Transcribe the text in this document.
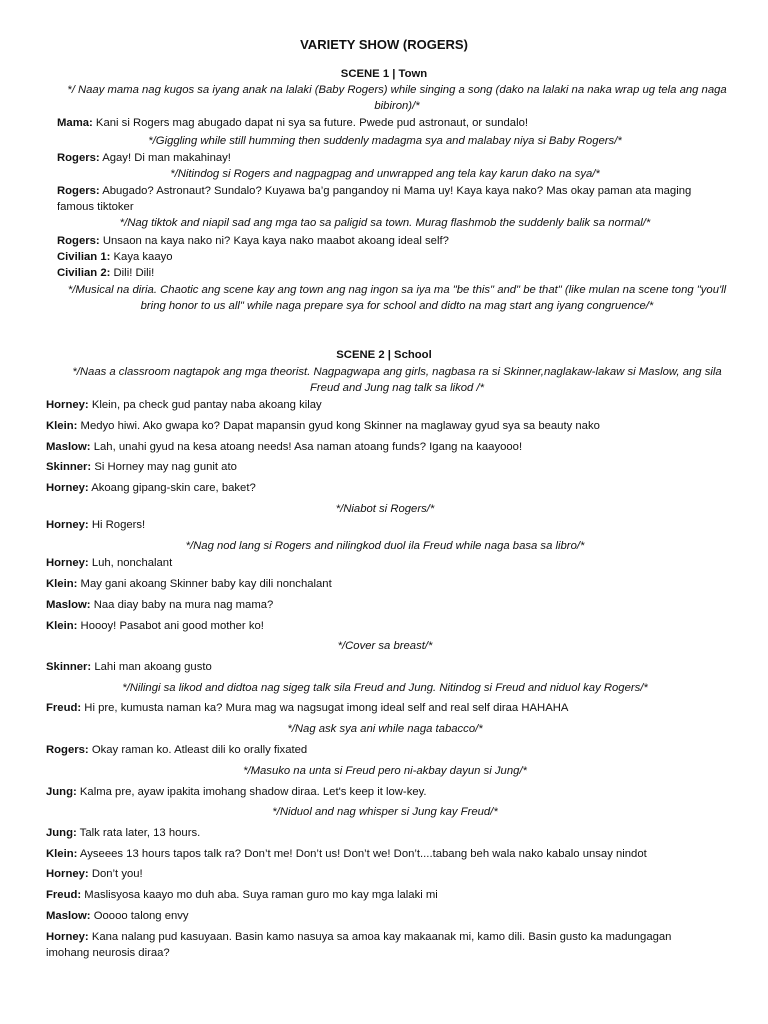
VARIETY SHOW (ROGERS)
SCENE 1 | Town
*/ Naay mama nag kugos sa iyang anak na lalaki (Baby Rogers) while singing a song (dako na lalaki na naka wrap ug tela ang naga bibiron)/*
Mama: Kani si Rogers mag abugado dapat ni sya sa future. Pwede pud astronaut, or sundalo!
*/Giggling while still humming then suddenly madagma sya and malabay niya si Baby Rogers/*
Rogers: Agay! Di man makahinay!
*/Nitindog si Rogers and nagpagpag and unwrapped ang tela kay karun dako na sya/*
Rogers: Abugado? Astronaut? Sundalo? Kuyawa ba’g pangandoy ni Mama uy! Kaya kaya nako? Mas okay paman ata maging famous tiktoker
*/Nag tiktok and niapil sad ang mga tao sa paligid sa town. Murag flashmob the suddenly balik sa normal/*
Rogers: Unsaon na kaya nako ni? Kaya kaya nako maabot akoang ideal self?
Civilian 1: Kaya kaayo
Civilian 2: Dili! Dili!
*/Musical na diria. Chaotic ang scene kay ang town ang nag ingon sa iya ma "be this" and" be that" (like mulan na scene tong "you'll bring honor to us all" while naga prepare sya for school and didto na mag start ang iyang congruence/*
SCENE 2 | School
*/Naas a classroom nagtapok ang mga theorist. Nagpagwapa ang girls, nagbasa ra si Skinner,naglakaw-lakaw si Maslow, ang sila Freud and Jung nag talk sa likod /*
Horney: Klein, pa check gud pantay naba akoang kilay
Klein: Medyo hiwi. Ako gwapa ko? Dapat mapansin gyud kong Skinner na maglaway gyud sya sa beauty nako
Maslow: Lah, unahi gyud na kesa atoang needs! Asa naman atoang funds? Igang na kaayooo!
Skinner: Si Horney may nag gunit ato
Horney: Akoang gipang-skin care, baket?
*/Niabot si Rogers/*
Horney: Hi Rogers!
*/Nag nod lang si Rogers and nilingkod duol ila Freud while naga basa sa libro/*
Horney: Luh, nonchalant
Klein: May gani akoang Skinner baby kay dili nonchalant
Maslow: Naa diay baby na mura nag mama?
Klein: Hoooy! Pasabot ani good mother ko!
*/Cover sa breast/*
Skinner: Lahi man akoang gusto
*/Nilingi sa likod and didtoa nag sigeg talk sila Freud and Jung. Nitindog si Freud and niduol kay Rogers/*
Freud: Hi pre, kumusta naman ka? Mura mag wa nagsugat imong ideal self and real self diraa HAHAHA
*/Nag ask sya ani while naga tabacco/*
Rogers: Okay raman ko. Atleast dili ko orally fixated
*/Masuko na unta si Freud pero ni-akbay dayun si Jung/*
Jung: Kalma pre, ayaw ipakita imohang shadow diraa. Let's keep it low-key.
*/Niduol and nag whisper si Jung kay Freud/*
Jung: Talk rata later, 13 hours.
Klein: Ayseees 13 hours tapos talk ra? Don’t me! Don’t us! Don’t we! Don’t....tabang beh wala nako kabalo unsay nindot
Horney: Don’t you!
Freud: Maslisyosa kaayo mo duh aba. Suya raman guro mo kay mga lalaki mi
Maslow: Ooooo talong envy
Horney: Kana nalang pud kasuyaan. Basin kamo nasuya sa amoa kay makaanak mi, kamo dili. Basin gusto ka madungagan imohang neurosis diraa?
